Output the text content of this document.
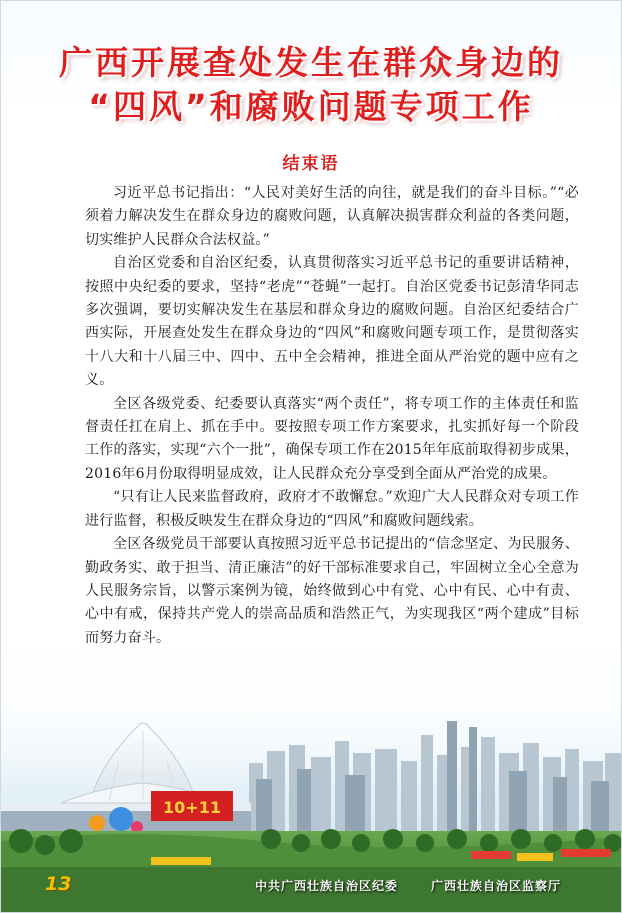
广西开展查处发生在群众身边的
“四风”和腐败问题专项工作
结束语

习近平总书记指出：“人民对美好生活的向往，就是我们的奋斗目标。”“必须着力解决发生在群众身边的腐败问题，认真解决损害群众利益的各类问题，切实维护人民群众合法权益。”

自治区党委和自治区纪委，认真贯彻落实习近平总书记的重要讲话精神，按照中央纪委的要求，坚持“老虎”“苍蝇”一起打。自治区党委书记彭清华同志多次强调，要切实解决发生在基层和群众身边的腐败问题。自治区纪委结合广西实际，开展查处发生在群众身边的“四风”和腐败问题专项工作，是贯彻落实十八大和十八届三中、四中、五中全会精神，推进全面从严治党的题中应有之义。

全区各级党委、纪委要认真落实“两个责任”，将专项工作的主体责任和监督责任扛在肩上、抓在手中。要按照专项工作方案要求，扎实抓好每一个阶段工作的落实，实现“六个一批”，确保专项工作在2015年年底前取得初步成果，2016年6月份取得明显成效，让人民群众充分享受到全面从严治党的成果。

“只有让人民来监督政府，政府才不敢懈怠。”欢迎广大人民群众对专项工作进行监督，积极反映发生在群众身边的“四风”和腐败问题线索。

全区各级党员干部要认真按照习近平总书记提出的“信念坚定、为民服务、勤政务实、敢于担当、清正廉洁”的好干部标准要求自己，牢固树立全心全意为人民服务宗旨，以警示案例为镜，始终做到心中有党、心中有民、心中有责、心中有戒，保持共产党人的崇高品质和浩然正气，为实现我区“两个建成”目标而努力奋斗。

10+11
13	中共广西壮族自治区纪委	广西壮族自治区监察厅
